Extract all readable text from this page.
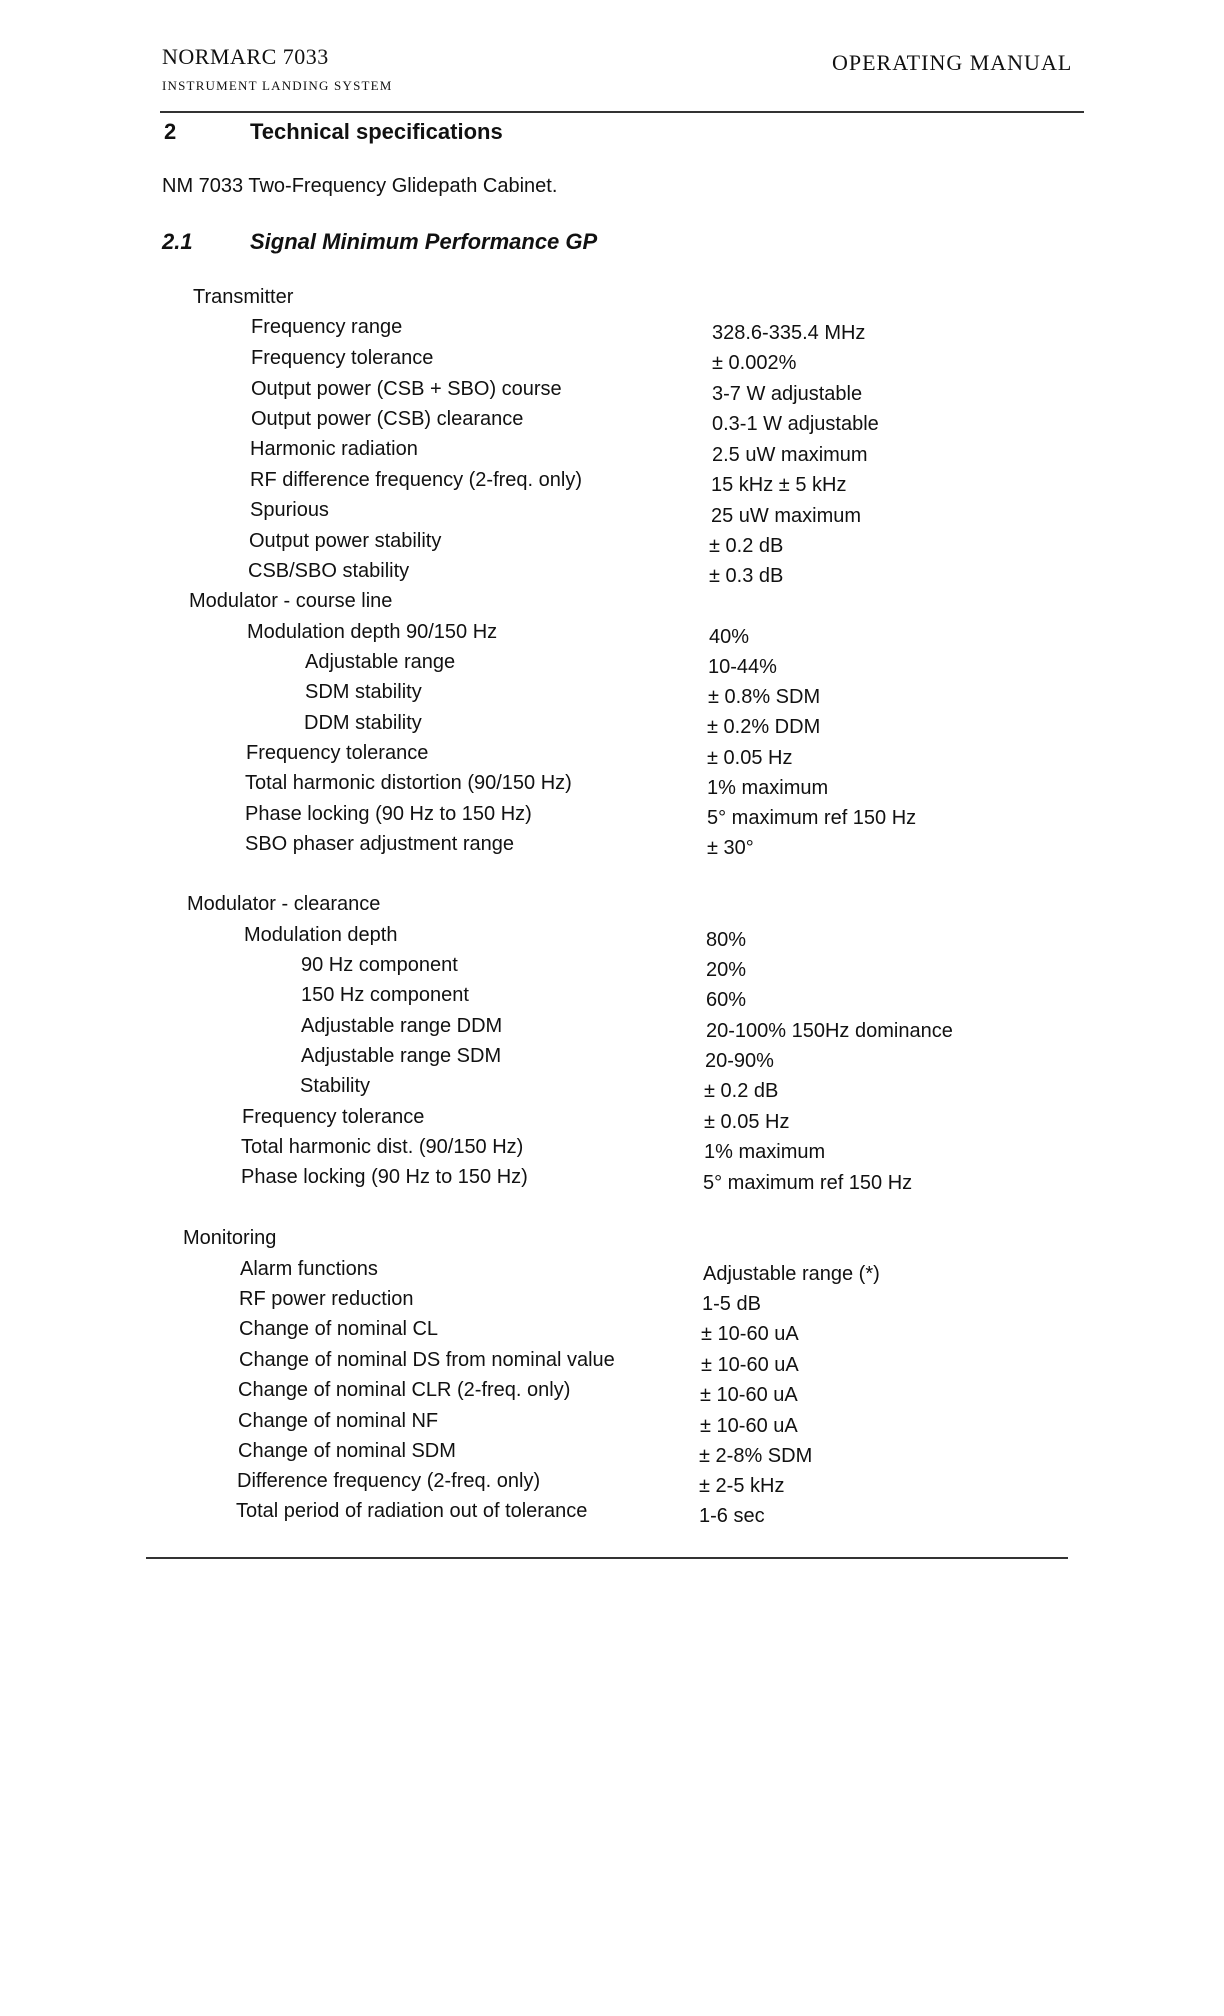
NORMARC 7033
INSTRUMENT LANDING SYSTEM
OPERATING MANUAL
2	Technical specifications
NM 7033 Two-Frequency Glidepath Cabinet.
2.1	Signal Minimum Performance GP
Transmitter
Frequency range	328.6-335.4 MHz
Frequency tolerance	± 0.002%
Output power (CSB + SBO) course	3-7 W adjustable
Output power (CSB) clearance	0.3-1 W adjustable
Harmonic radiation	2.5 uW maximum
RF difference frequency (2-freq. only)	15 kHz ± 5 kHz
Spurious	25 uW maximum
Output power stability	± 0.2 dB
CSB/SBO stability	± 0.3 dB
Modulator - course line
Modulation depth 90/150 Hz	40%
Adjustable range	10-44%
SDM stability	± 0.8% SDM
DDM stability	± 0.2% DDM
Frequency tolerance	± 0.05 Hz
Total harmonic distortion (90/150 Hz)	1% maximum
Phase locking (90 Hz to 150 Hz)	5° maximum ref 150 Hz
SBO phaser adjustment range	± 30°
Modulator - clearance
Modulation depth	80%
90 Hz component	20%
150 Hz component	60%
Adjustable range DDM	20-100% 150Hz dominance
Adjustable range SDM	20-90%
Stability	± 0.2 dB
Frequency tolerance	± 0.05 Hz
Total harmonic dist. (90/150 Hz)	1% maximum
Phase locking (90 Hz to 150 Hz)	5° maximum ref 150 Hz
Monitoring
Alarm functions	Adjustable range (*)
RF power reduction	1-5 dB
Change of nominal CL	± 10-60 uA
Change of nominal DS from nominal value	± 10-60 uA
Change of nominal CLR (2-freq. only)	± 10-60 uA
Change of nominal NF	± 10-60 uA
Change of nominal SDM	± 2-8% SDM
Difference frequency (2-freq. only)	± 2-5 kHz
Total period of radiation out of tolerance	1-6 sec
